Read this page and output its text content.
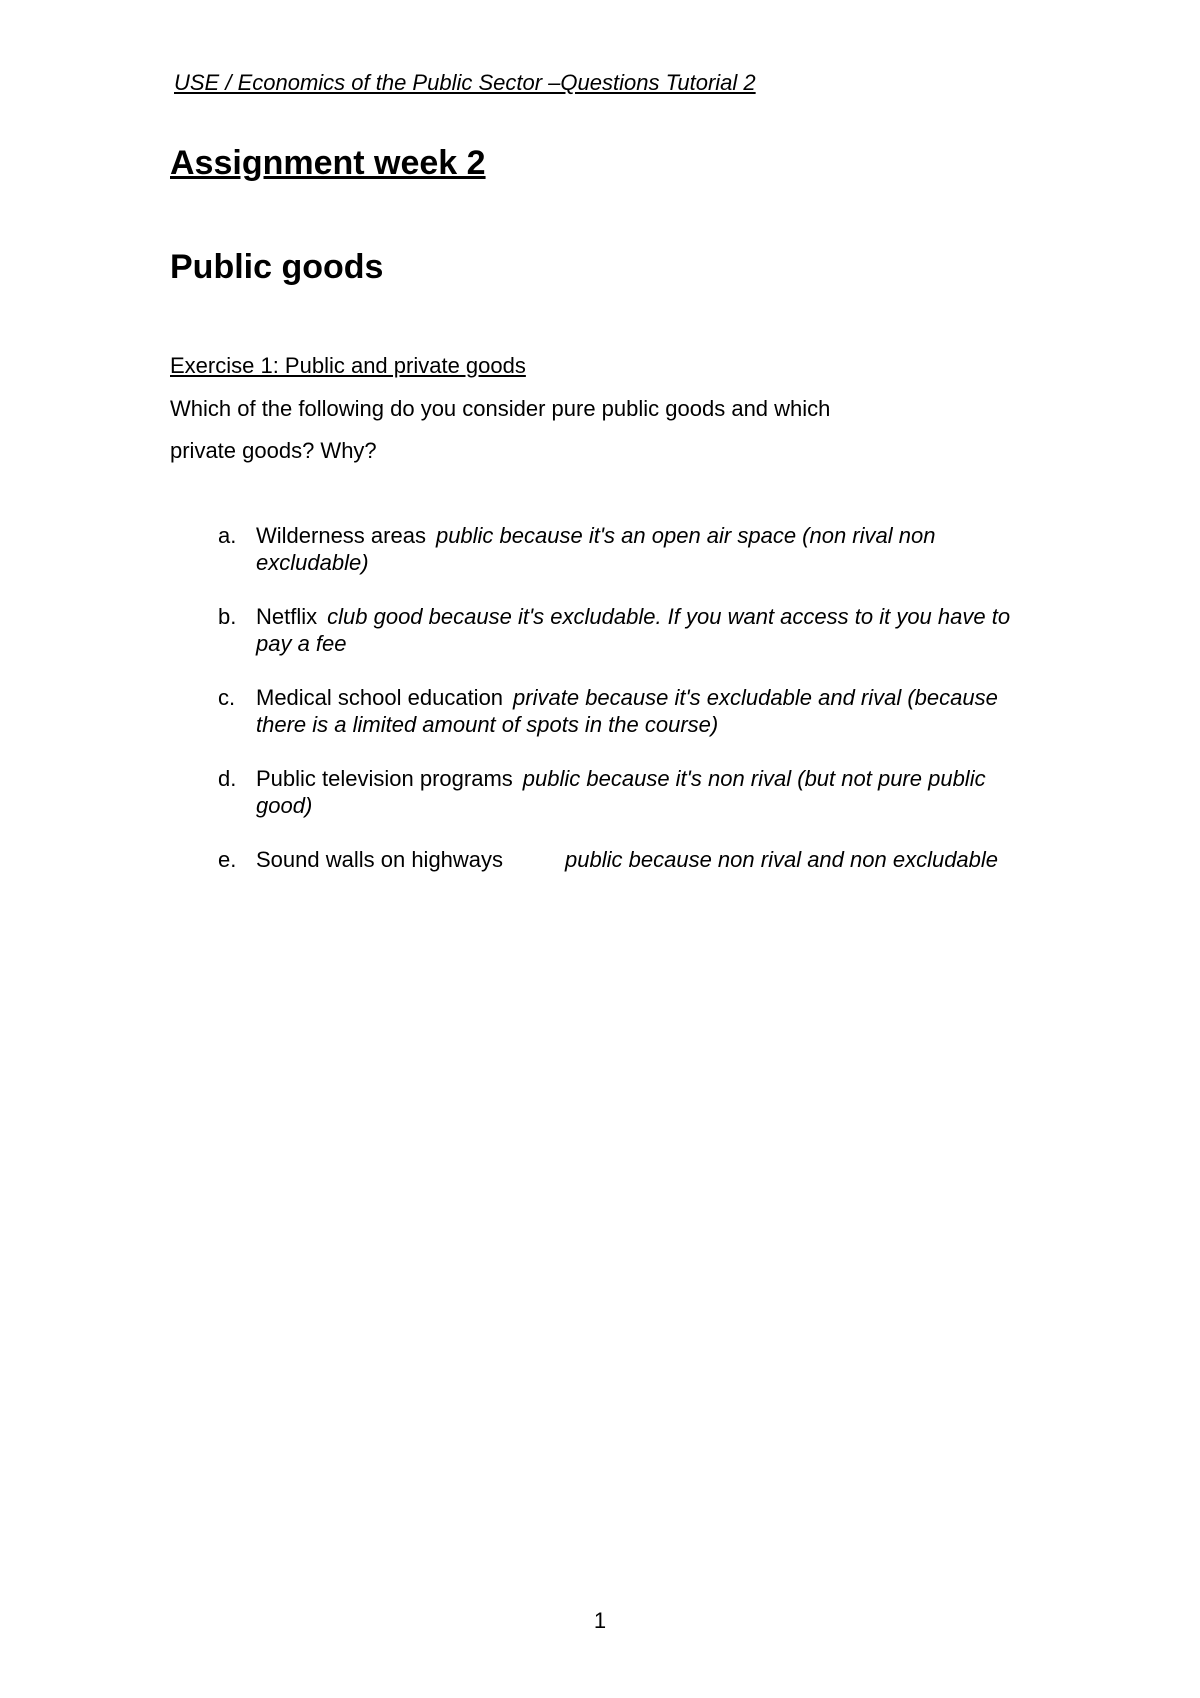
USE / Economics of the Public Sector –Questions Tutorial 2
Assignment week 2
Public goods
Exercise 1: Public and private goods
Which of the following do you consider pure public goods and which
private goods? Why?
a. Wilderness areas public because it's an open air space (non rival non excludable)
b. Netflix club good because it's excludable. If you want access to it you have to pay a fee
c. Medical school education private because it's excludable and rival (because there is a limited amount of spots in the course)
d. Public television programs public because it's non rival (but not pure public good)
e. Sound walls on highways	public because non rival and non excludable
1
